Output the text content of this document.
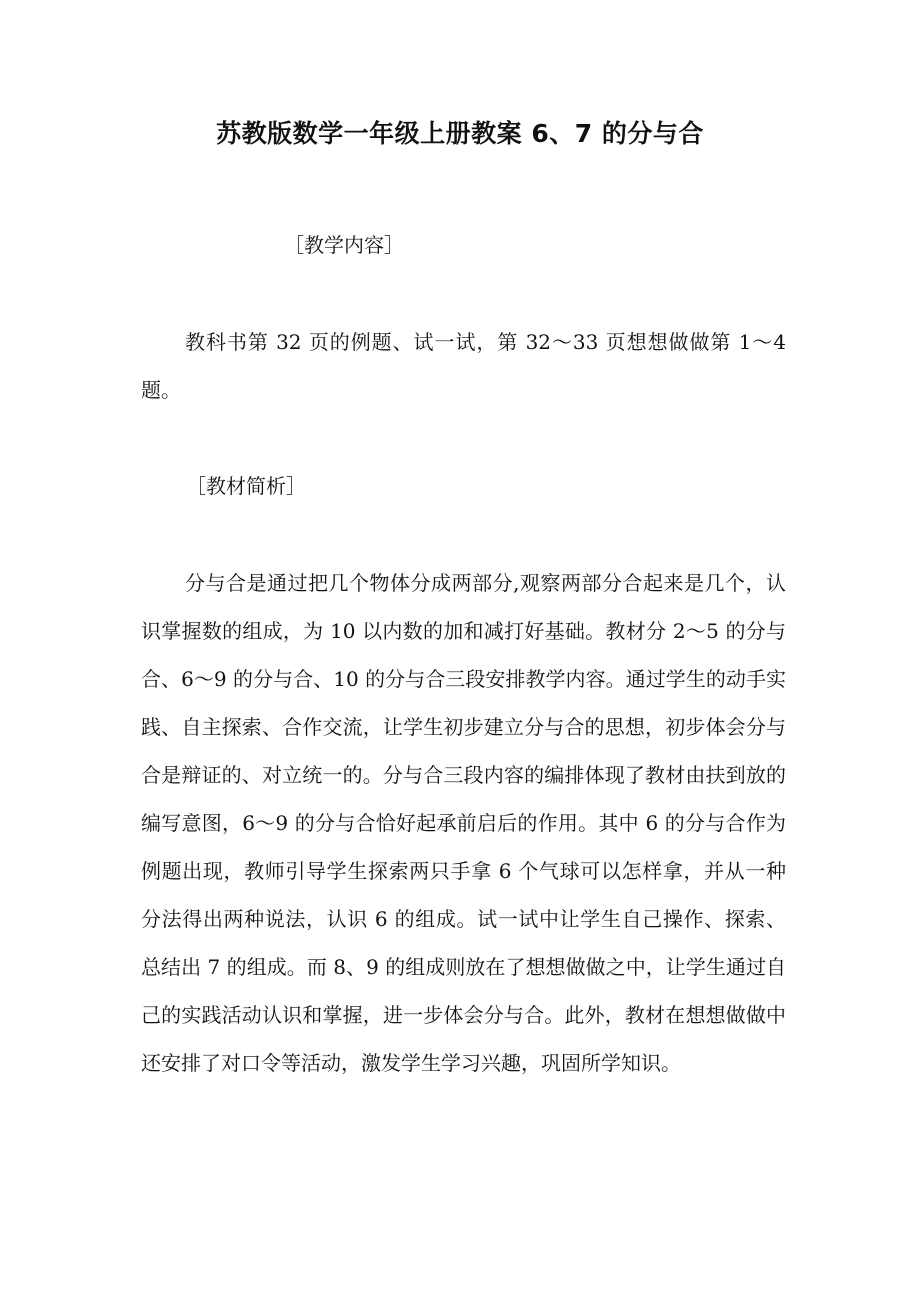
苏教版数学一年级上册教案 6、7 的分与合
［教学内容］

教科书第 32 页的例题、试一试，第 32～33 页想想做做第 1～4 题。

［教材简析］

分与合是通过把几个物体分成两部分,观察两部分合起来是几个，认识掌握数的组成，为 10 以内数的加和减打好基础。教材分 2～5 的分与合、6～9 的分与合、10 的分与合三段安排教学内容。通过学生的动手实践、自主探索、合作交流，让学生初步建立分与合的思想，初步体会分与合是辩证的、对立统一的。分与合三段内容的编排体现了教材由扶到放的编写意图，6～9 的分与合恰好起承前启后的作用。其中 6 的分与合作为例题出现，教师引导学生探索两只手拿 6 个气球可以怎样拿，并从一种分法得出两种说法，认识 6 的组成。试一试中让学生自己操作、探索、总结出 7 的组成。而 8、9 的组成则放在了想想做做之中，让学生通过自己的实践活动认识和掌握，进一步体会分与合。此外，教材在想想做做中还安排了对口令等活动，激发学生学习兴趣，巩固所学知识。
